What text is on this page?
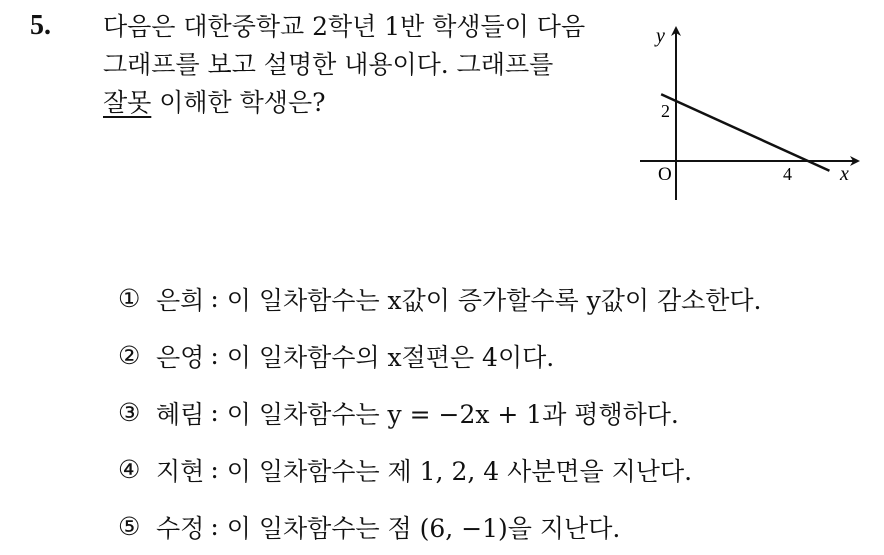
5. 다음은 대한중학교 2학년 1반 학생들이 다음
그래프를 보고 설명한 내용이다. 그래프를
잘못 이해한 학생은?
y
x
O
2
4
① 은희 : 이 일차함수는 x값이 증가할수록 y값이 감소한다.
② 은영 : 이 일차함수의 x절편은 4이다.
③ 혜림 : 이 일차함수는 y = −2x + 1과 평행하다.
④ 지현 : 이 일차함수는 제 1, 2, 4 사분면을 지난다.
⑤ 수정 : 이 일차함수는 점 (6, −1)을 지난다.
